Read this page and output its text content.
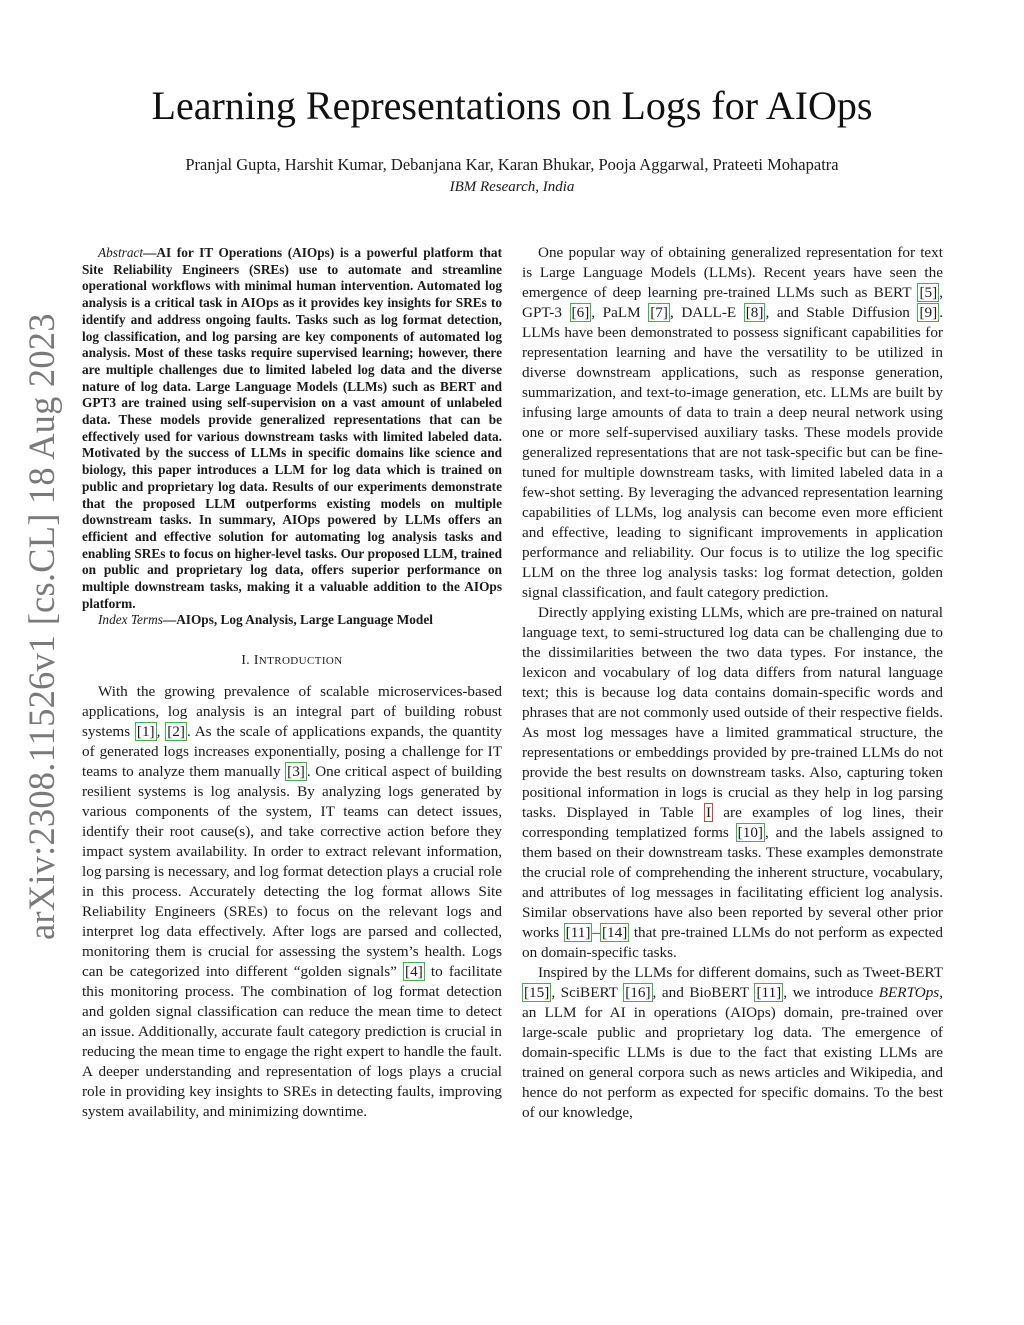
arXiv:2308.11526v1 [cs.CL] 18 Aug 2023
Learning Representations on Logs for AIOps
Pranjal Gupta, Harshit Kumar, Debanjana Kar, Karan Bhukar, Pooja Aggarwal, Prateeti Mohapatra
IBM Research, India

Abstract—AI for IT Operations (AIOps) is a powerful platform that Site Reliability Engineers (SREs) use to automate and streamline operational workflows with minimal human intervention. Automated log analysis is a critical task in AIOps as it provides key insights for SREs to identify and address ongoing faults. Tasks such as log format detection, log classification, and log parsing are key components of automated log analysis. Most of these tasks require supervised learning; however, there are multiple challenges due to limited labeled log data and the diverse nature of log data. Large Language Models (LLMs) such as BERT and GPT3 are trained using self-supervision on a vast amount of unlabeled data. These models provide generalized representations that can be effectively used for various downstream tasks with limited labeled data. Motivated by the success of LLMs in specific domains like science and biology, this paper introduces a LLM for log data which is trained on public and proprietary log data. Results of our experiments demonstrate that the proposed LLM outperforms existing models on multiple downstream tasks. In summary, AIOps powered by LLMs offers an efficient and effective solution for automating log analysis tasks and enabling SREs to focus on higher-level tasks. Our proposed LLM, trained on public and proprietary log data, offers superior performance on multiple downstream tasks, making it a valuable addition to the AIOps platform.

Index Terms—AIOps, Log Analysis, Large Language Model

I. INTRODUCTION

With the growing prevalence of scalable microservices-based applications, log analysis is an integral part of building robust systems [1] , [2] . As the scale of applications expands, the quantity of generated logs increases exponentially, posing a challenge for IT teams to analyze them manually [3] . One critical aspect of building resilient systems is log analysis. By analyzing logs generated by various components of the system, IT teams can detect issues, identify their root cause(s), and take corrective action before they impact system availability. In order to extract relevant information, log parsing is necessary, and log format detection plays a crucial role in this process. Accurately detecting the log format allows Site Reliability Engineers (SREs) to focus on the relevant logs and interpret log data effectively. After logs are parsed and collected, monitoring them is crucial for assessing the system’s health. Logs can be categorized into different “golden signals” [4] to facilitate this monitoring process. The combination of log format detection and golden signal classification can reduce the mean time to detect an issue. Additionally, accurate fault category prediction is crucial in reducing the mean time to engage the right expert to handle the fault. A deeper understanding and representation of logs plays a crucial role in providing key insights to SREs in detecting faults, improving system availability, and minimizing downtime.

One popular way of obtaining generalized representation for text is Large Language Models (LLMs). Recent years have seen the emergence of deep learning pre-trained LLMs such as BERT [5] , GPT-3 [6] , PaLM [7] , DALL-E [8] , and Stable Diffusion [9] . LLMs have been demonstrated to possess significant capabilities for representation learning and have the versatility to be utilized in diverse downstream applications, such as response generation, summarization, and text-to-image generation, etc. LLMs are built by infusing large amounts of data to train a deep neural network using one or more self-supervised auxiliary tasks. These models provide generalized representations that are not task-specific but can be fine-tuned for multiple downstream tasks, with limited labeled data in a few-shot setting. By leveraging the advanced representation learning capabilities of LLMs, log analysis can become even more efficient and effective, leading to significant improvements in application performance and reliability. Our focus is to utilize the log specific LLM on the three log analysis tasks: log format detection, golden signal classification, and fault category prediction.

Directly applying existing LLMs, which are pre-trained on natural language text, to semi-structured log data can be challenging due to the dissimilarities between the two data types. For instance, the lexicon and vocabulary of log data differs from natural language text; this is because log data contains domain-specific words and phrases that are not commonly used outside of their respective fields. As most log messages have a limited grammatical structure, the representations or embeddings provided by pre-trained LLMs do not provide the best results on downstream tasks. Also, capturing token positional information in logs is crucial as they help in log parsing tasks. Displayed in Table I are examples of log lines, their corresponding templatized forms [10] , and the labels assigned to them based on their downstream tasks. These examples demonstrate the crucial role of comprehending the inherent structure, vocabulary, and attributes of log messages in facilitating efficient log analysis. Similar observations have also been reported by several other prior works [11] – [14] that pre-trained LLMs do not perform as expected on domain-specific tasks.

Inspired by the LLMs for different domains, such as Tweet-BERT [15] , SciBERT [16] , and BioBERT [11] , we introduce BERTOps, an LLM for AI in operations (AIOps) domain, pre-trained over large-scale public and proprietary log data. The emergence of domain-specific LLMs is due to the fact that existing LLMs are trained on general corpora such as news articles and Wikipedia, and hence do not perform as expected for specific domains. To the best of our knowledge,
